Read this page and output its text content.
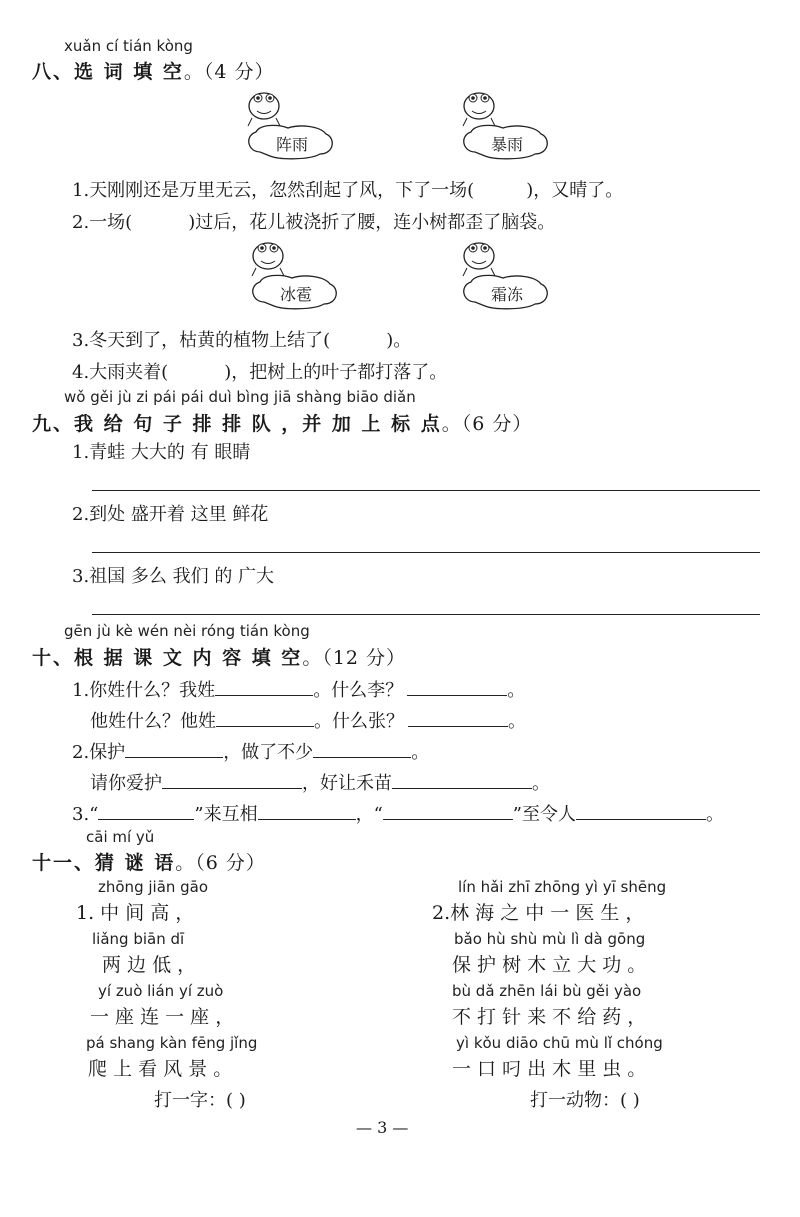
xuǎn cí tián kòng
八、选 词 填 空。（4 分）
阵雨	暴雨
1.天刚刚还是万里无云，忽然刮起了风，下了一场(	)，又晴了。
2.一场(	)过后，花儿被浇折了腰，连小树都歪了脑袋。
冰雹	霜冻
3.冬天到了，枯黄的植物上结了(	)。
4.大雨夹着(	)，把树上的叶子都打落了。
wǒ gěi jù zi pái pái duì bìng jiā shàng biāo diǎn
九、我 给 句 子 排 排 队 ，并 加 上 标 点。（6 分）
1.青蛙 大大的 有 眼睛
2.到处 盛开着 这里 鲜花
3.祖国 多么 我们 的 广大
gēn jù kè wén nèi róng tián kòng
十、根 据 课 文 内 容 填 空。（12 分）
1.你姓什么？我姓	。什么李？	。
他姓什么？他姓	。什么张？	。
2.保护	，做了不少	。
请你爱护	，好让禾苗	。
3.“	”来互相	，“	”至令人	。
cāi mí yǔ
十一、猜 谜 语。（6 分）
zhōng jiān gāo
1. 中 间 高 ，
liǎng biān dī
两 边 低 ，
yí zuò lián yí zuò
一 座 连 一 座 ，
pá shang kàn fēng jǐng
爬 上 看 风 景 。
打一字：( )
lín hǎi zhī zhōng yì yī shēng
2.林 海 之 中 一 医 生 ，
bǎo hù shù mù lì dà gōng
保 护 树 木 立 大 功 。
bù dǎ zhēn lái bù gěi yào
不 打 针 来 不 给 药 ，
yì kǒu diāo chū mù lǐ chóng
一 口 叼 出 木 里 虫 。
打一动物：( )
— 3 —
